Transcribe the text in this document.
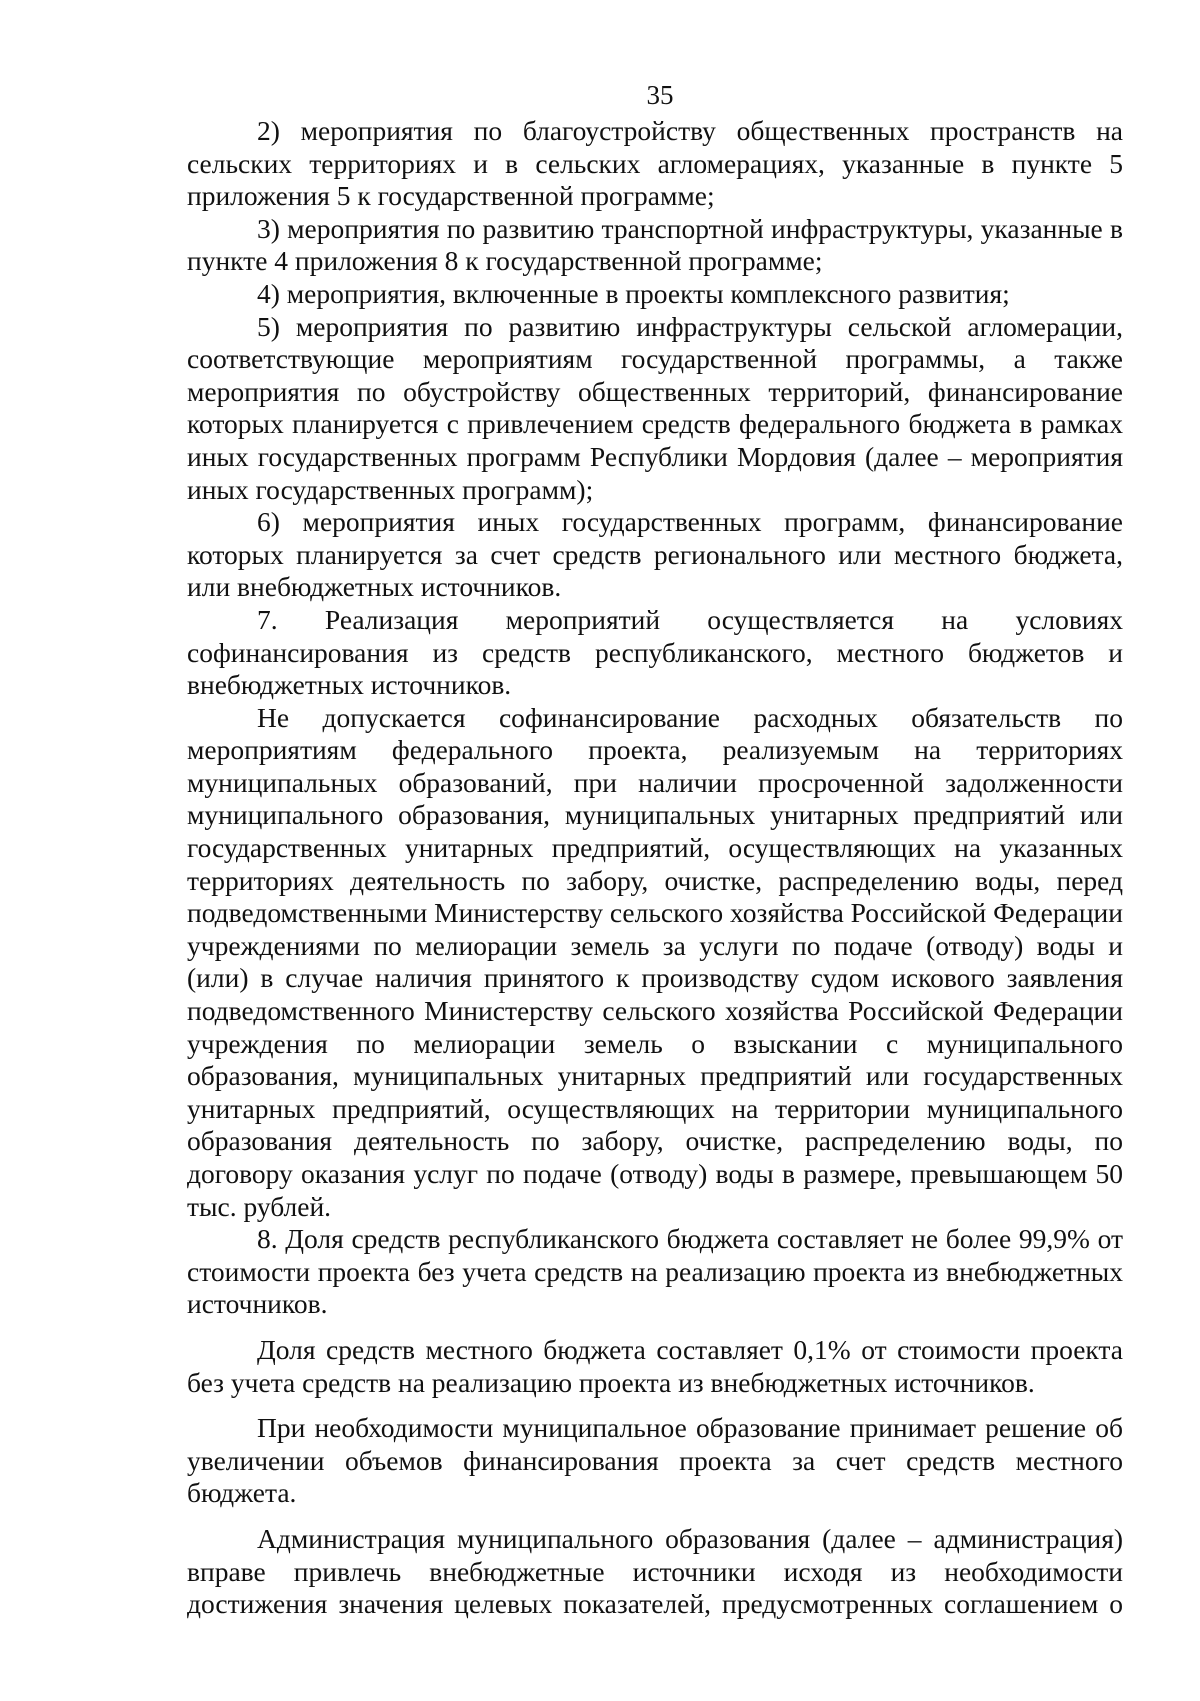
35

2) мероприятия по благоустройству общественных пространств на сельских территориях и в сельских агломерациях, указанные в пункте 5 приложения 5 к государственной программе;

3) мероприятия по развитию транспортной инфраструктуры, указанные в пункте 4 приложения 8 к государственной программе;

4) мероприятия, включенные в проекты комплексного развития;

5) мероприятия по развитию инфраструктуры сельской агломерации, соответствующие мероприятиям государственной программы, а также мероприятия по обустройству общественных территорий, финансирование которых планируется с привлечением средств федерального бюджета в рамках иных государственных программ Республики Мордовия (далее – мероприятия иных государственных программ);

6) мероприятия иных государственных программ, финансирование которых планируется за счет средств регионального или местного бюджета, или внебюджетных источников.

7. Реализация мероприятий осуществляется на условиях софинансирования из средств республиканского, местного бюджетов и внебюджетных источников.

Не допускается софинансирование расходных обязательств по мероприятиям федерального проекта, реализуемым на территориях муниципальных образований, при наличии просроченной задолженности муниципального образования, муниципальных унитарных предприятий или государственных унитарных предприятий, осуществляющих на указанных территориях деятельность по забору, очистке, распределению воды, перед подведомственными Министерству сельского хозяйства Российской Федерации учреждениями по мелиорации земель за услуги по подаче (отводу) воды и (или) в случае наличия принятого к производству судом искового заявления подведомственного Министерству сельского хозяйства Российской Федерации учреждения по мелиорации земель о взыскании с муниципального образования, муниципальных унитарных предприятий или государственных унитарных предприятий, осуществляющих на территории муниципального образования деятельность по забору, очистке, распределению воды, по договору оказания услуг по подаче (отводу) воды в размере, превышающем 50 тыс. рублей.

8. Доля средств республиканского бюджета составляет не более 99,9% от стоимости проекта без учета средств на реализацию проекта из внебюджетных источников.

Доля средств местного бюджета составляет 0,1% от стоимости проекта без учета средств на реализацию проекта из внебюджетных источников.

При необходимости муниципальное образование принимает решение об увеличении объемов финансирования проекта за счет средств местного бюджета.

Администрация муниципального образования (далее – администрация) вправе привлечь внебюджетные источники исходя из необходимости достижения значения целевых показателей, предусмотренных соглашением о
